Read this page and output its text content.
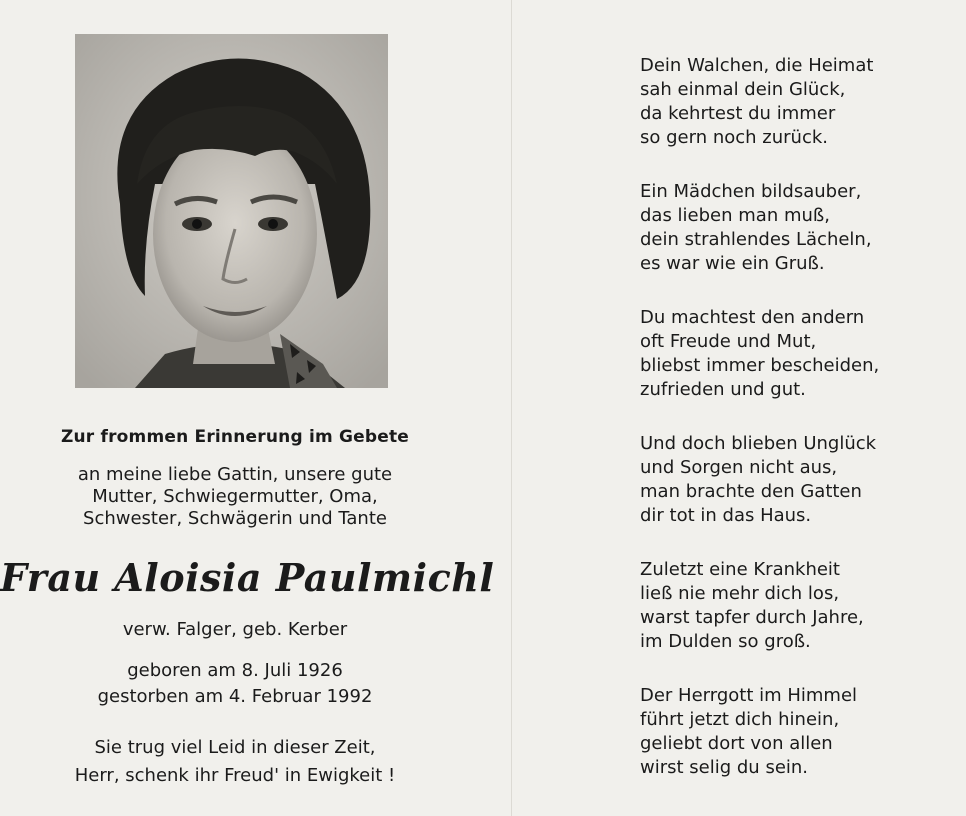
Zur frommen Erinnerung im Gebete
an meine liebe Gattin, unsere gute
Mutter, Schwiegermutter, Oma,
Schwester, Schwägerin und Tante
Frau Aloisia Paulmichl
verw. Falger, geb. Kerber
geboren am 8. Juli 1926
gestorben am 4. Februar 1992
Sie trug viel Leid in dieser Zeit,
Herr, schenk ihr Freud' in Ewigkeit !
Dein Walchen, die Heimat
sah einmal dein Glück,
da kehrtest du immer
so gern noch zurück.
Ein Mädchen bildsauber,
das lieben man muß,
dein strahlendes Lächeln,
es war wie ein Gruß.
Du machtest den andern
oft Freude und Mut,
bliebst immer bescheiden,
zufrieden und gut.
Und doch blieben Unglück
und Sorgen nicht aus,
man brachte den Gatten
dir tot in das Haus.
Zuletzt eine Krankheit
ließ nie mehr dich los,
warst tapfer durch Jahre,
im Dulden so groß.
Der Herrgott im Himmel
führt jetzt dich hinein,
geliebt dort von allen
wirst selig du sein.
